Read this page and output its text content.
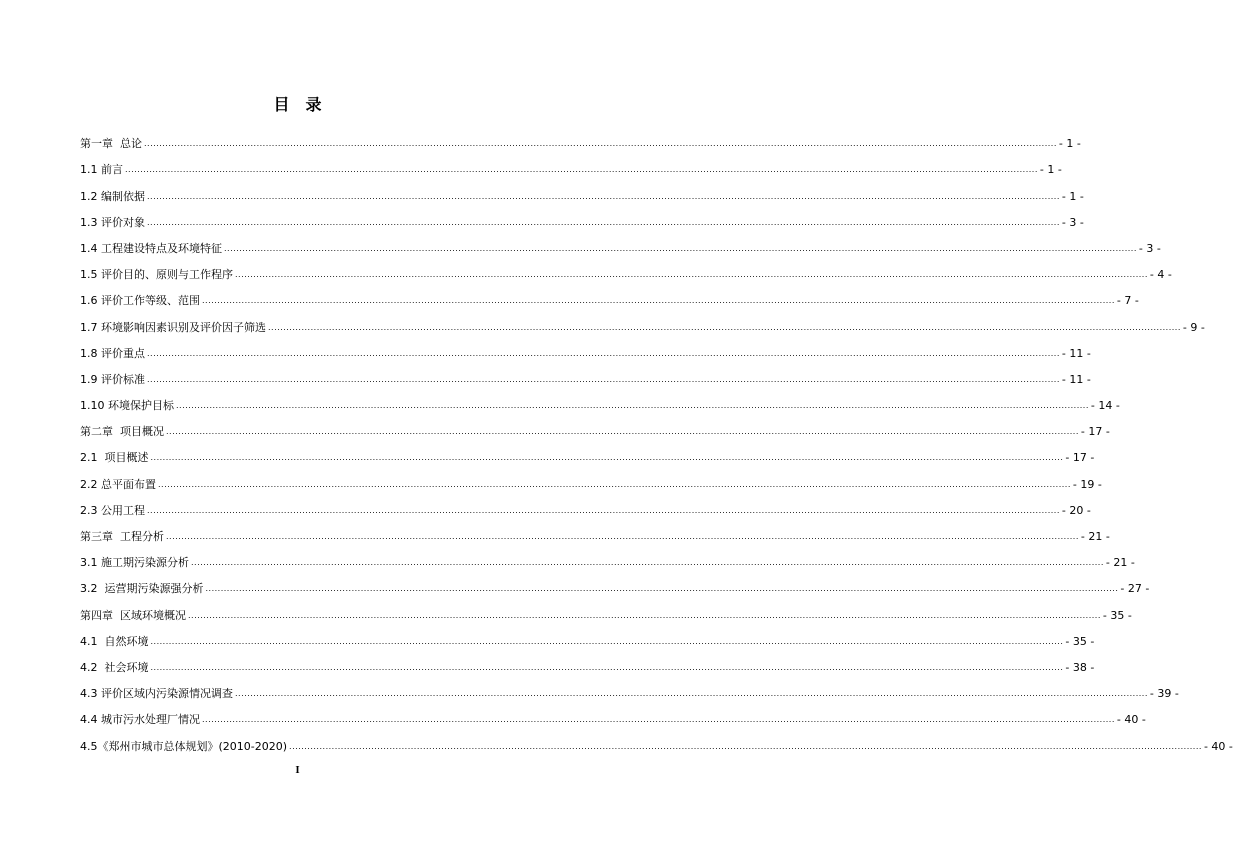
目录
第一章  总论 ............................................................................................................................................................................................................................................................................................................ - 1 -
1.1 前言 ............................................................................................................................................................................................................................................................................................................ - 1 -
1.2 编制依据 ............................................................................................................................................................................................................................................................................................................ - 1 -
1.3 评价对象 ............................................................................................................................................................................................................................................................................................................ - 3 -
1.4 工程建设特点及环境特征 ............................................................................................................................................................................................................................................................................................................ - 3 -
1.5 评价目的、原则与工作程序 ............................................................................................................................................................................................................................................................................................................ - 4 -
1.6 评价工作等级、范围 ............................................................................................................................................................................................................................................................................................................ - 7 -
1.7 环境影响因素识别及评价因子筛选 ............................................................................................................................................................................................................................................................................................................ - 9 -
1.8 评价重点 ............................................................................................................................................................................................................................................................................................................ - 11 -
1.9 评价标准 ............................................................................................................................................................................................................................................................................................................ - 11 -
1.10 环境保护目标 ............................................................................................................................................................................................................................................................................................................ - 14 -
第二章  项目概况 ............................................................................................................................................................................................................................................................................................................ - 17 -
2.1  项目概述 ............................................................................................................................................................................................................................................................................................................ - 17 -
2.2 总平面布置 ............................................................................................................................................................................................................................................................................................................ - 19 -
2.3 公用工程 ............................................................................................................................................................................................................................................................................................................ - 20 -
第三章  工程分析 ............................................................................................................................................................................................................................................................................................................ - 21 -
3.1 施工期污染源分析 ............................................................................................................................................................................................................................................................................................................ - 21 -
3.2  运营期污染源强分析 ............................................................................................................................................................................................................................................................................................................ - 27 -
第四章  区域环境概况 ............................................................................................................................................................................................................................................................................................................ - 35 -
4.1  自然环境 ............................................................................................................................................................................................................................................................................................................ - 35 -
4.2  社会环境 ............................................................................................................................................................................................................................................................................................................ - 38 -
4.3 评价区域内污染源情况调查 ............................................................................................................................................................................................................................................................................................................ - 39 -
4.4 城市污水处理厂情况 ............................................................................................................................................................................................................................................................................................................ - 40 -
4.5《郑州市城市总体规划》(2010-2020) ............................................................................................................................................................................................................................................................................................................ - 40 -
I
